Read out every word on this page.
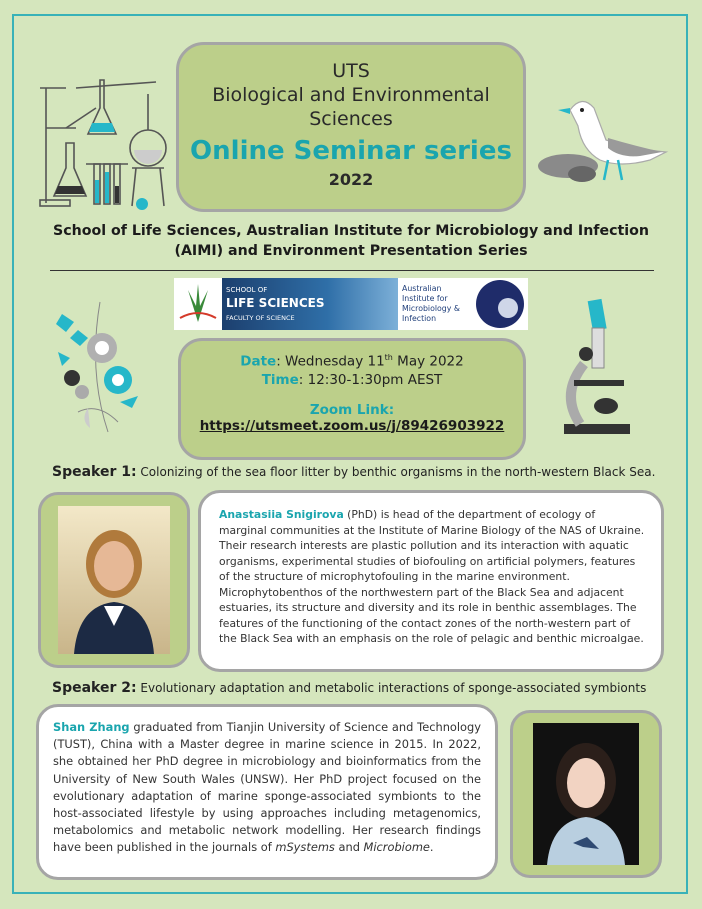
UTS
Biological and Environmental Sciences
Online Seminar series
2022
School of Life Sciences, Australian Institute for Microbiology and Infection (AIMI) and Environment Presentation Series
SCHOOL OF
LIFE SCIENCES
FACULTY OF SCIENCE
Australian Institute for Microbiology & Infection
Date: Wednesday 11th May 2022
Time: 12:30-1:30pm AEST
Zoom Link:
https://utsmeet.zoom.us/j/89426903922
Speaker 1: Colonizing of the sea floor litter by benthic organisms in the north-western Black Sea.
Anastasiia Snigirova (PhD) is head of the department of ecology of marginal communities at the Institute of Marine Biology of the NAS of Ukraine. Their research interests are plastic pollution and its interaction with aquatic organisms, experimental studies of biofouling on artificial polymers, features of the structure of microphytofouling in the marine environment. Microphytobenthos of the northwestern part of the Black Sea and adjacent estuaries, its structure and diversity and its role in benthic assemblages. The features of the functioning of the contact zones of the north-western part of the Black Sea with an emphasis on the role of pelagic and benthic microalgae.
Speaker 2: Evolutionary adaptation and metabolic interactions of sponge-associated symbionts
Shan Zhang graduated from Tianjin University of Science and Technology (TUST), China with a Master degree in marine science in 2015. In 2022, she obtained her PhD degree in microbiology and bioinformatics from the University of New South Wales (UNSW). Her PhD project focused on the evolutionary adaptation of marine sponge-associated symbionts to the host-associated lifestyle by using approaches including metagenomics, metabolomics and metabolic network modelling. Her research findings have been published in the journals of mSystems and Microbiome.
